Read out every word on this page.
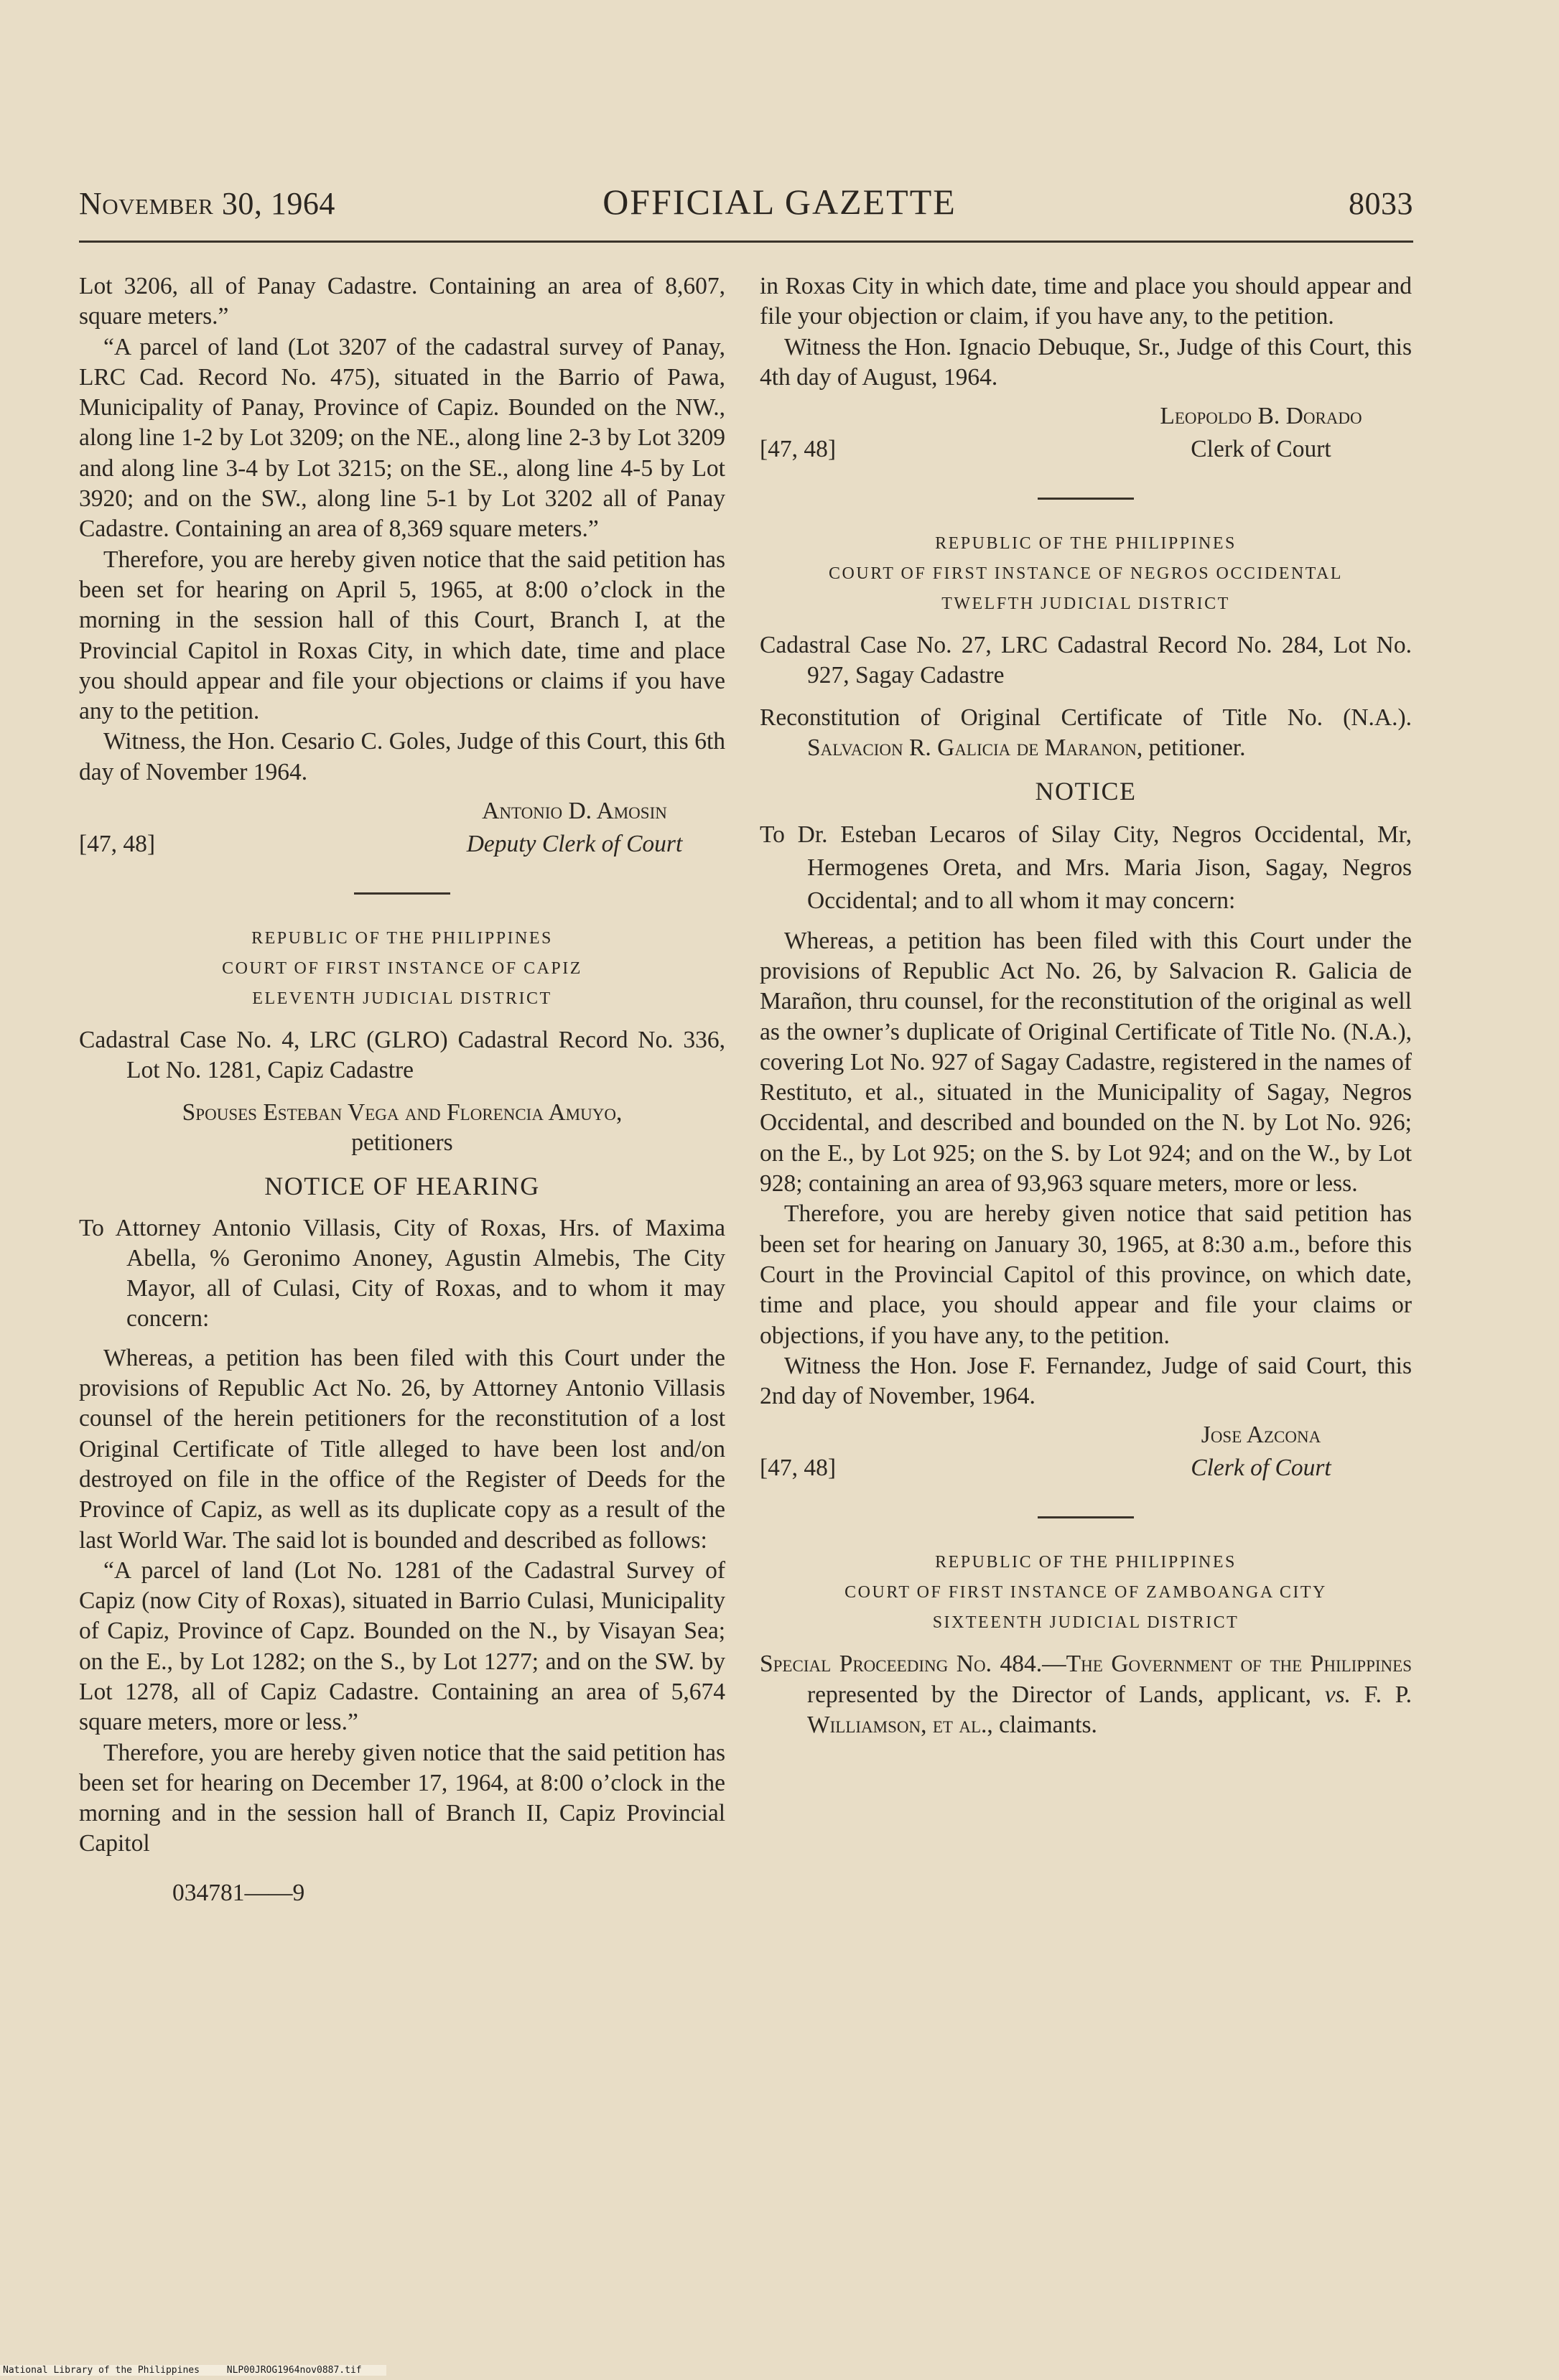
November 30, 1964	OFFICIAL GAZETTE	8033

Lot 3206, all of Panay Cadastre. Containing an area of 8,607, square meters.”

“A parcel of land (Lot 3207 of the cadastral survey of Panay, LRC Cad. Record No. 475), situated in the Barrio of Pawa, Municipality of Panay, Province of Capiz. Bounded on the NW., along line 1-2 by Lot 3209; on the NE., along line 2-3 by Lot 3209 and along line 3-4 by Lot 3215; on the SE., along line 4-5 by Lot 3920; and on the SW., along line 5-1 by Lot 3202 all of Panay Cadastre. Containing an area of 8,369 square meters.”

Therefore, you are hereby given notice that the said petition has been set for hearing on April 5, 1965, at 8:00 o’clock in the morning in the session hall of this Court, Branch I, at the Provincial Capitol in Roxas City, in which date, time and place you should appear and file your objections or claims if you have any to the petition.

Witness, the Hon. Cesario C. Goles, Judge of this Court, this 6th day of November 1964.

Antonio D. Amosin
[47, 48]	Deputy Clerk of Court
REPUBLIC OF THE PHILIPPINES
COURT OF FIRST INSTANCE OF CAPIZ
ELEVENTH JUDICIAL DISTRICT

Cadastral Case No. 4, LRC (GLRO) Cadastral Record No. 336, Lot No. 1281, Capiz Cadastre

Spouses Esteban Vega and Florencia Amuyo,
petitioners

NOTICE OF HEARING

To Attorney Antonio Villasis, City of Roxas, Hrs. of Maxima Abella, % Geronimo Anoney, Agustin Almebis, The City Mayor, all of Culasi, City of Roxas, and to whom it may concern:

Whereas, a petition has been filed with this Court under the provisions of Republic Act No. 26, by Attorney Antonio Villasis counsel of the herein petitioners for the reconstitution of a lost Original Certificate of Title alleged to have been lost and/on destroyed on file in the office of the Register of Deeds for the Province of Capiz, as well as its duplicate copy as a result of the last World War. The said lot is bounded and described as follows:

“A parcel of land (Lot No. 1281 of the Cadastral Survey of Capiz (now City of Roxas), situated in Barrio Culasi, Municipality of Capiz, Province of Capz. Bounded on the N., by Visayan Sea; on the E., by Lot 1282; on the S., by Lot 1277; and on the SW. by Lot 1278, all of Capiz Cadastre. Containing an area of 5,674 square meters, more or less.”

Therefore, you are hereby given notice that the said petition has been set for hearing on December 17, 1964, at 8:00 o’clock in the morning and in the session hall of Branch II, Capiz Provincial Capitol

034781——9

in Roxas City in which date, time and place you should appear and file your objection or claim, if you have any, to the petition.

Witness the Hon. Ignacio Debuque, Sr., Judge of this Court, this 4th day of August, 1964.

Leopoldo B. Dorado
[47, 48]	Clerk of Court
REPUBLIC OF THE PHILIPPINES
COURT OF FIRST INSTANCE OF NEGROS OCCIDENTAL
TWELFTH JUDICIAL DISTRICT

Cadastral Case No. 27, LRC Cadastral Record No. 284, Lot No. 927, Sagay Cadastre

Reconstitution of Original Certificate of Title No. (N.A.). Salvacion R. Galicia de Maranon, petitioner.

NOTICE

To Dr. Esteban Lecaros of Silay City, Negros Occidental, Mr, Hermogenes Oreta, and Mrs. Maria Jison, Sagay, Negros Occidental; and to all whom it may concern:

Whereas, a petition has been filed with this Court under the provisions of Republic Act No. 26, by Salvacion R. Galicia de Marañon, thru counsel, for the reconstitution of the original as well as the owner’s duplicate of Original Certificate of Title No. (N.A.), covering Lot No. 927 of Sagay Cadastre, registered in the names of Restituto, et al., situated in the Municipality of Sagay, Negros Occidental, and described and bounded on the N. by Lot No. 926; on the E., by Lot 925; on the S. by Lot 924; and on the W., by Lot 928; containing an area of 93,963 square meters, more or less.

Therefore, you are hereby given notice that said petition has been set for hearing on January 30, 1965, at 8:30 a.m., before this Court in the Provincial Capitol of this province, on which date, time and place, you should appear and file your claims or objections, if you have any, to the petition.

Witness the Hon. Jose F. Fernandez, Judge of said Court, this 2nd day of November, 1964.

Jose Azcona
[47, 48]	Clerk of Court
REPUBLIC OF THE PHILIPPINES
COURT OF FIRST INSTANCE OF ZAMBOANGA CITY
SIXTEENTH JUDICIAL DISTRICT

Special Proceeding No. 484.—The Government of the Philippines represented by the Director of Lands, applicant, vs. F. P. Williamson, et al., claimants.

National Library of the Philippines	NLP00JROG1964nov0887.tif
